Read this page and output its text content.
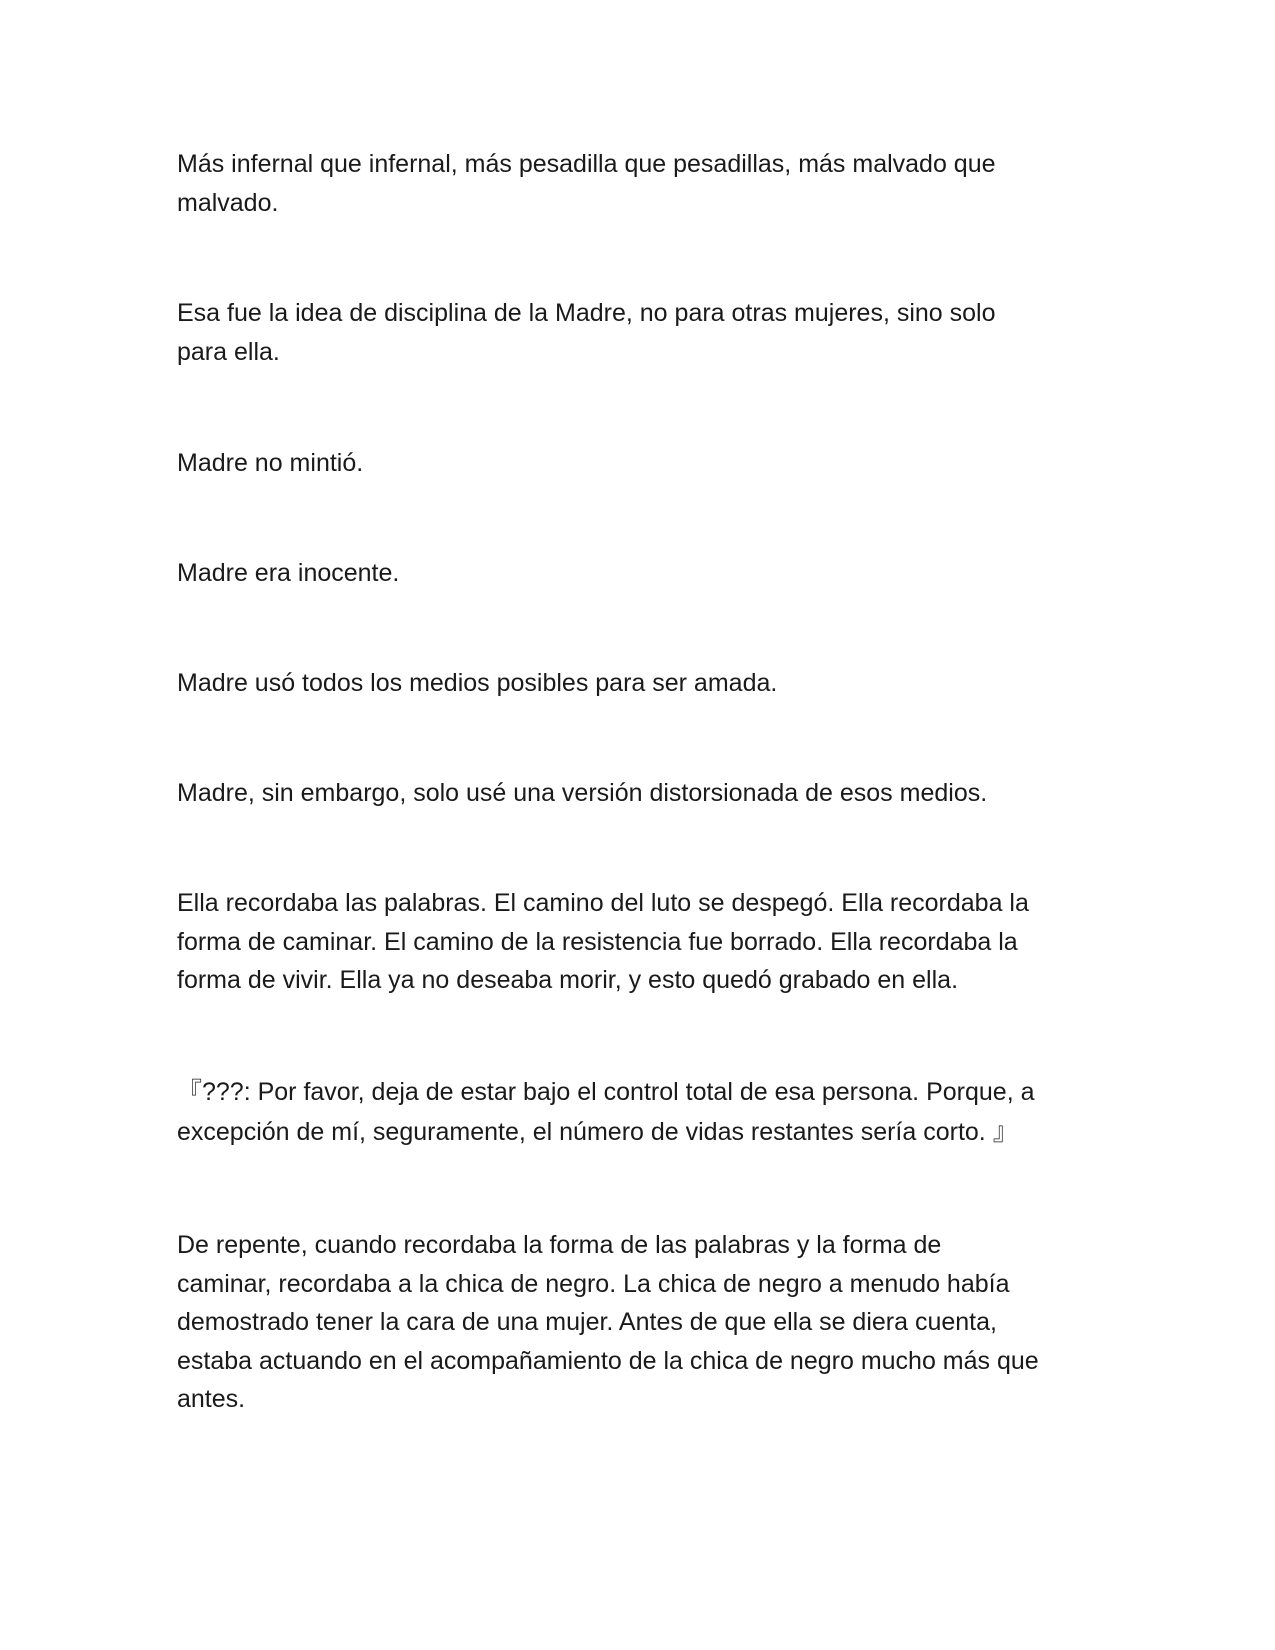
Más infernal que infernal, más pesadilla que pesadillas, más malvado que
malvado.

Esa fue la idea de disciplina de la Madre, no para otras mujeres, sino solo
para ella.

Madre no mintió.

Madre era inocente.

Madre usó todos los medios posibles para ser amada.

Madre, sin embargo, solo usé una versión distorsionada de esos medios.

Ella recordaba las palabras. El camino del luto se despegó. Ella recordaba la
forma de caminar. El camino de la resistencia fue borrado. Ella recordaba la
forma de vivir. Ella ya no deseaba morir, y esto quedó grabado en ella.

『???: Por favor, deja de estar bajo el control total de esa persona. Porque, a
excepción de mí, seguramente, el número de vidas restantes sería corto. 』

De repente, cuando recordaba la forma de las palabras y la forma de
caminar, recordaba a la chica de negro. La chica de negro a menudo había
demostrado tener la cara de una mujer. Antes de que ella se diera cuenta,
estaba actuando en el acompañamiento de la chica de negro mucho más que
antes.
